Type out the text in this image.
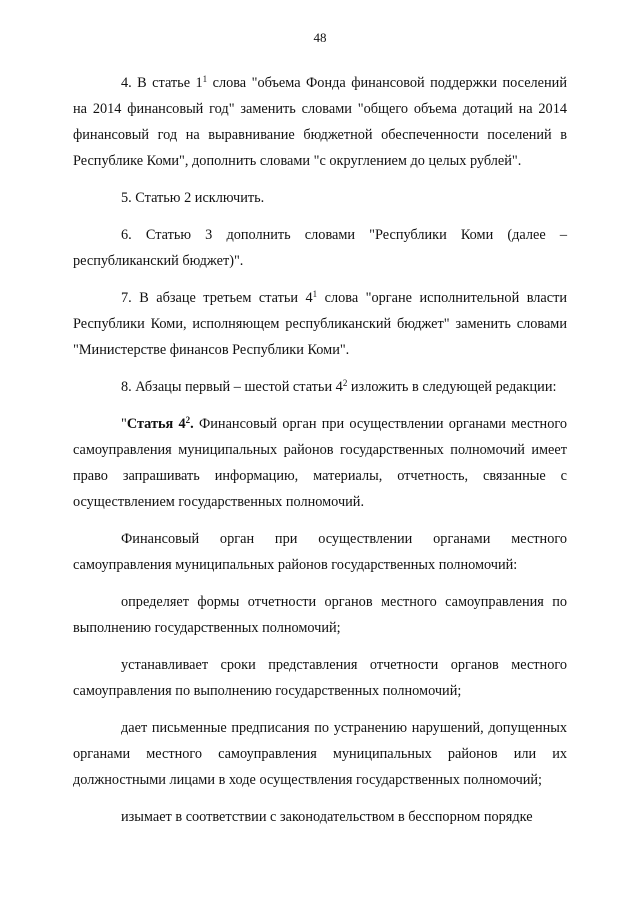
48

4. В статье $1^1$ слова "объема Фонда финансовой поддержки поселений на 2014 финансовый год" заменить словами "общего объема дотаций на 2014 финансовый год на выравнивание бюджетной обеспеченности поселений в Республике Коми", дополнить словами "с округлением до целых рублей".

5. Статью 2 исключить.

6. Статью 3 дополнить словами "Республики Коми (далее – республиканский бюджет)".

7. В абзаце третьем статьи $4^1$ слова "органе исполнительной власти Республики Коми, исполняющем республиканский бюджет" заменить словами "Министерстве финансов Республики Коми".

8. Абзацы первый – шестой статьи $4^2$ изложить в следующей редакции:

"Статья $4^2$. Финансовый орган при осуществлении органами местного самоуправления муниципальных районов государственных полномочий имеет право запрашивать информацию, материалы, отчетность, связанные с осуществлением государственных полномочий.

Финансовый орган при осуществлении органами местного самоуправления муниципальных районов государственных полномочий:

определяет формы отчетности органов местного самоуправления по выполнению государственных полномочий;

устанавливает сроки представления отчетности органов местного самоуправления по выполнению государственных полномочий;

дает письменные предписания по устранению нарушений, допущенных органами местного самоуправления муниципальных районов или их должностными лицами в ходе осуществления государственных полномочий;

изымает в соответствии с законодательством в бесспорном порядке
